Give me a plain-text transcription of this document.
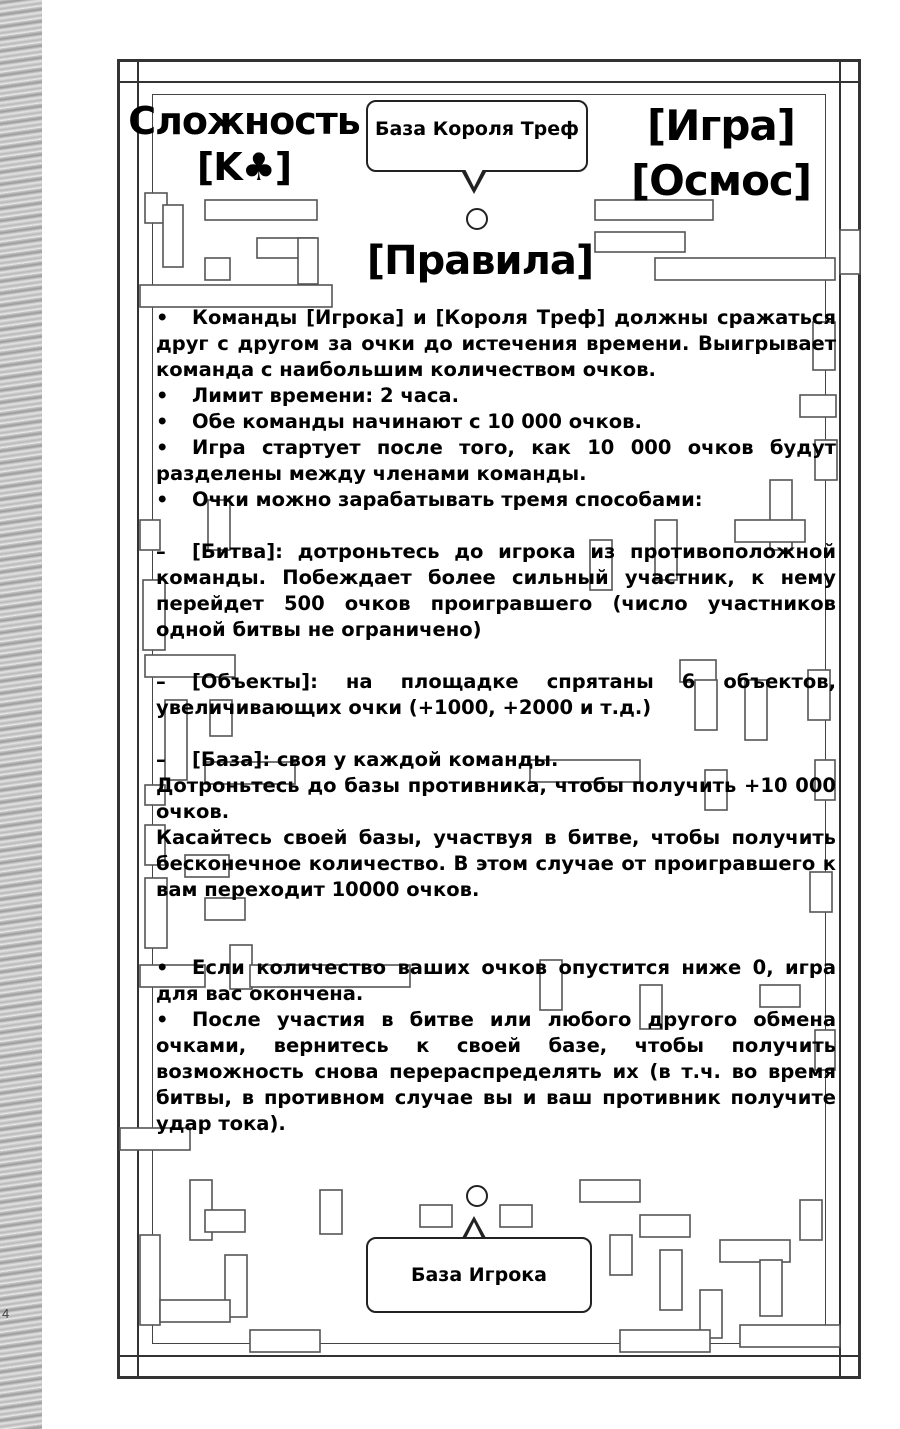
4
Сложность
[K♣]
[Игра]
[Осмос]
База Короля Треф
[Правила]

• Команды [Игрока] и [Короля Треф] должны сражаться друг с другом за очки до истечения времени. Выигрывает команда с наибольшим количеством очков.

• Лимит времени: 2 часа.

• Обе команды начинают с 10 000 очков.

• Игра стартует после того, как 10 000 очков будут разделены между членами команды.

• Очки можно зарабатывать тремя способами:

– [Битва]: дотроньтесь до игрока из противоположной команды. Побеждает более сильный участник, к нему перейдет 500 очков проигравшего (число участников одной битвы не ограничено)

– [Объекты]: на площадке спрятаны 6 объектов, увеличивающих очки (+1000, +2000 и т.д.)

– [База]: своя у каждой команды.

Дотроньтесь до базы противника, чтобы получить +10 000 очков.

Касайтесь своей базы, участвуя в битве, чтобы получить бесконечное количество. В этом случае от проигравшего к вам переходит 10000 очков.

• Если количество ваших очков опустится ниже 0, игра для вас окончена.

• После участия в битве или любого другого обмена очками, вернитесь к своей базе, чтобы получить возможность снова перераспределять их (в т.ч. во время битвы, в противном случае вы и ваш противник получите удар тока).

База Игрока
